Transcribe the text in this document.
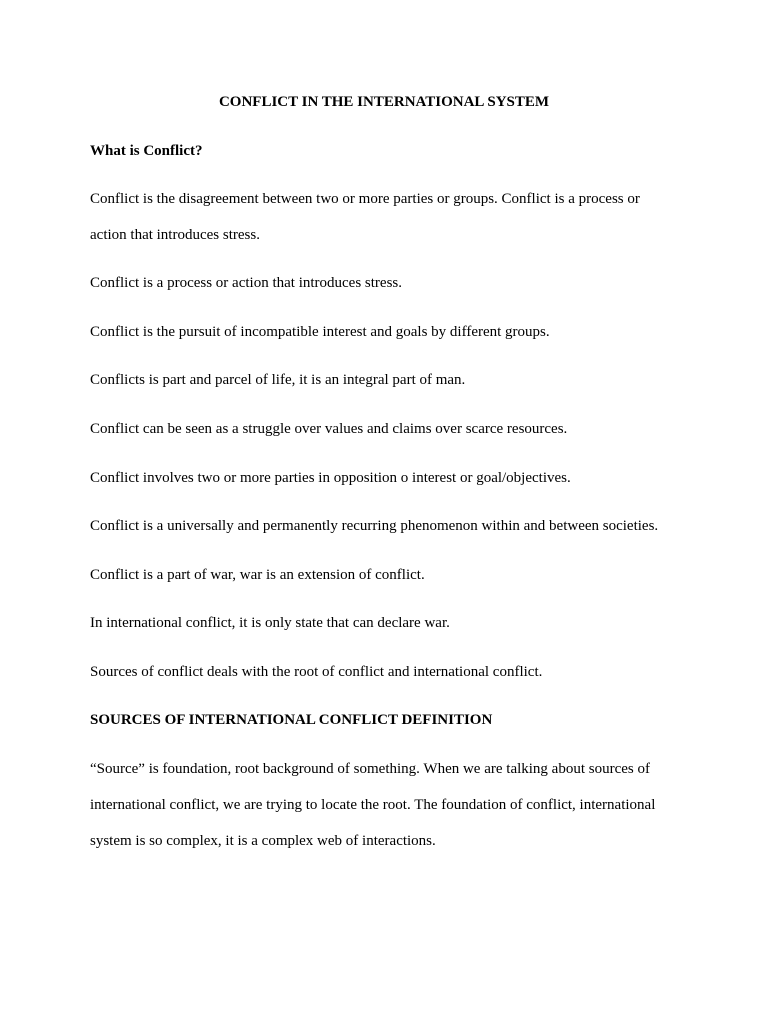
CONFLICT IN THE INTERNATIONAL SYSTEM

What is Conflict?

Conflict is the disagreement between two or more parties or groups. Conflict is a process or action that introduces stress.

Conflict is a process or action that introduces stress.

Conflict is the pursuit of incompatible interest and goals by different groups.

Conflicts is part and parcel of life, it is an integral part of man.

Conflict can be seen as a struggle over values and claims over scarce resources.

Conflict involves two or more parties in opposition o interest or goal/objectives.

Conflict is a universally and permanently recurring phenomenon within and between societies.

Conflict is a part of war, war is an extension of conflict.

In international conflict, it is only state that can declare war.

Sources of conflict deals with the root of conflict and international conflict.

SOURCES OF INTERNATIONAL CONFLICT DEFINITION

“Source” is foundation, root background of something. When we are talking about sources of international conflict, we are trying to locate the root. The foundation of conflict, international system is so complex, it is a complex web of interactions.
